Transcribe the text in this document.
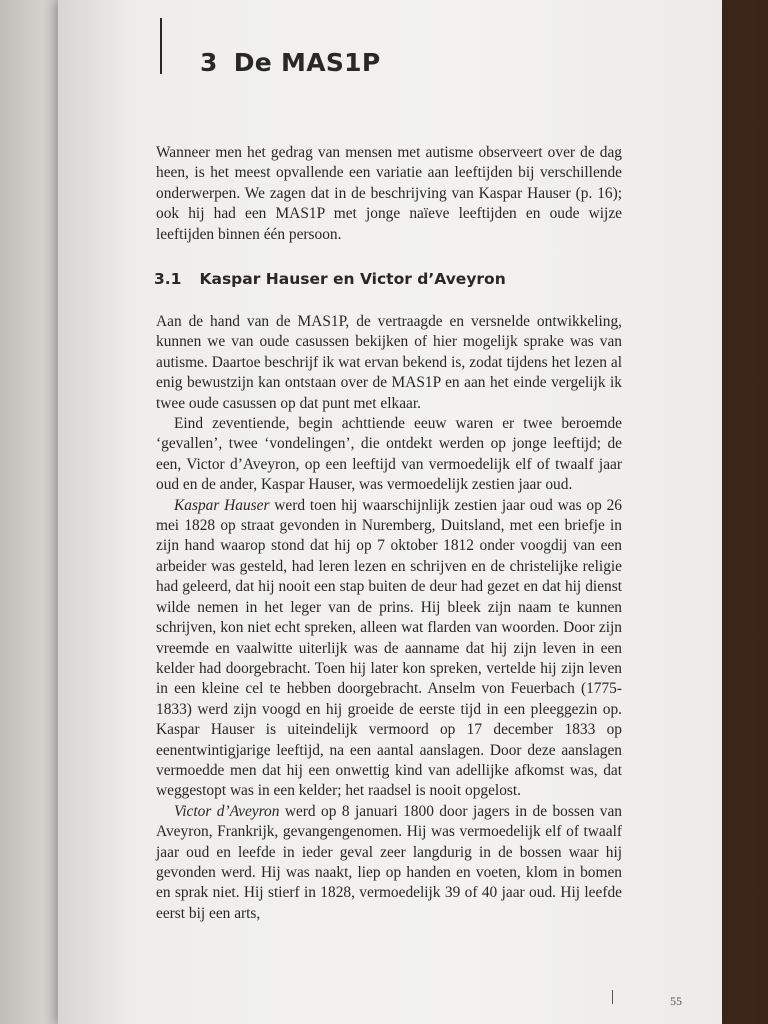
3 De MAS1P

Wanneer men het gedrag van mensen met autisme observeert over de dag heen, is het meest opvallende een variatie aan leeftijden bij verschillende onderwerpen. We zagen dat in de beschrijving van Kaspar Hauser (p. 16); ook hij had een MAS1P met jonge naïeve leeftijden en oude wijze leeftijden binnen één persoon.

3.1 Kaspar Hauser en Victor d’Aveyron

Aan de hand van de MAS1P, de vertraagde en versnelde ontwikkeling, kunnen we van oude casussen bekijken of hier mogelijk sprake was van autisme. Daartoe beschrijf ik wat ervan bekend is, zodat tijdens het lezen al enig bewustzijn kan ontstaan over de MAS1P en aan het einde vergelijk ik twee oude casussen op dat punt met elkaar.

Eind zeventiende, begin achttiende eeuw waren er twee beroemde ‘gevallen’, twee ‘vondelingen’, die ontdekt werden op jonge leeftijd; de een, Victor d’Aveyron, op een leeftijd van vermoedelijk elf of twaalf jaar oud en de ander, Kaspar Hauser, was vermoedelijk zestien jaar oud.

Kaspar Hauser werd toen hij waarschijnlijk zestien jaar oud was op 26 mei 1828 op straat gevonden in Nuremberg, Duitsland, met een briefje in zijn hand waarop stond dat hij op 7 oktober 1812 onder voogdij van een arbeider was gesteld, had leren lezen en schrijven en de christelijke religie had geleerd, dat hij nooit een stap buiten de deur had gezet en dat hij dienst wilde nemen in het leger van de prins. Hij bleek zijn naam te kunnen schrijven, kon niet echt spreken, alleen wat flarden van woorden. Door zijn vreemde en vaalwitte uiterlijk was de aanname dat hij zijn leven in een kelder had doorgebracht. Toen hij later kon spreken, vertelde hij zijn leven in een kleine cel te hebben doorgebracht. Anselm von Feuerbach (1775-1833) werd zijn voogd en hij groeide de eerste tijd in een pleeggezin op. Kaspar Hauser is uiteindelijk vermoord op 17 december 1833 op eenentwintigjarige leeftijd, na een aantal aanslagen. Door deze aanslagen vermoedde men dat hij een onwettig kind van adellijke afkomst was, dat weggestopt was in een kelder; het raadsel is nooit opgelost.

Victor d’Aveyron werd op 8 januari 1800 door jagers in de bossen van Aveyron, Frankrijk, gevangengenomen. Hij was vermoedelijk elf of twaalf jaar oud en leefde in ieder geval zeer langdurig in de bossen waar hij gevonden werd. Hij was naakt, liep op handen en voeten, klom in bomen en sprak niet. Hij stierf in 1828, vermoedelijk 39 of 40 jaar oud. Hij leefde eerst bij een arts,

55
